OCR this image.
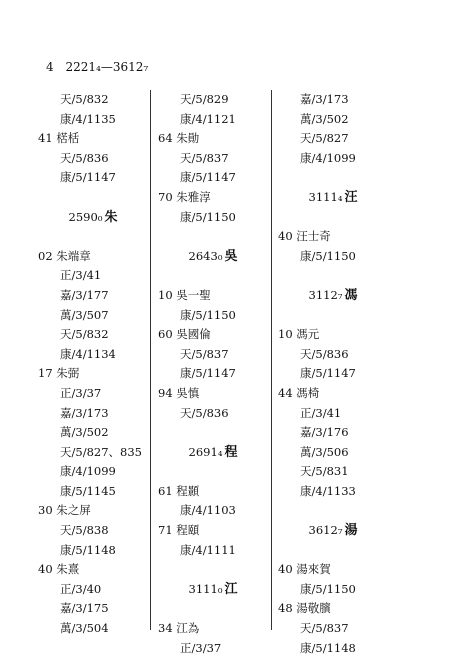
4 2221₄—3612₇
天/5/832
康/4/1135
41 楛栝
天/5/836
康/5/1147
2590₀ 朱
02 朱端章
正/3/41
嘉/3/177
萬/3/507
天/5/832
康/4/1134
17 朱弼
正/3/37
嘉/3/173
萬/3/502
天/5/827、835
康/4/1099
康/5/1145
30 朱之屏
天/5/838
康/5/1148
40 朱熹
正/3/40
嘉/3/175
萬/3/504
天/5/829
康/4/1121
64 朱勛
天/5/837
康/5/1147
70 朱雅淳
康/5/1150
2643₀ 吳
10 吳一聖
康/5/1150
60 吳國倫
天/5/837
康/5/1147
94 吳慎
天/5/836
2691₄ 程
61 程顥
康/4/1103
71 程頤
康/4/1111
3111₀ 江
34 江為
正/3/37
嘉/3/173
萬/3/502
天/5/827
康/4/1099
3111₄ 汪
40 汪士奇
康/5/1150
3112₇ 馮
10 馮元
天/5/836
康/5/1147
44 馮椅
正/3/41
嘉/3/176
萬/3/506
天/5/831
康/4/1133
3612₇ 湯
40 湯來賀
康/5/1150
48 湯敬臏
天/5/837
康/5/1148
